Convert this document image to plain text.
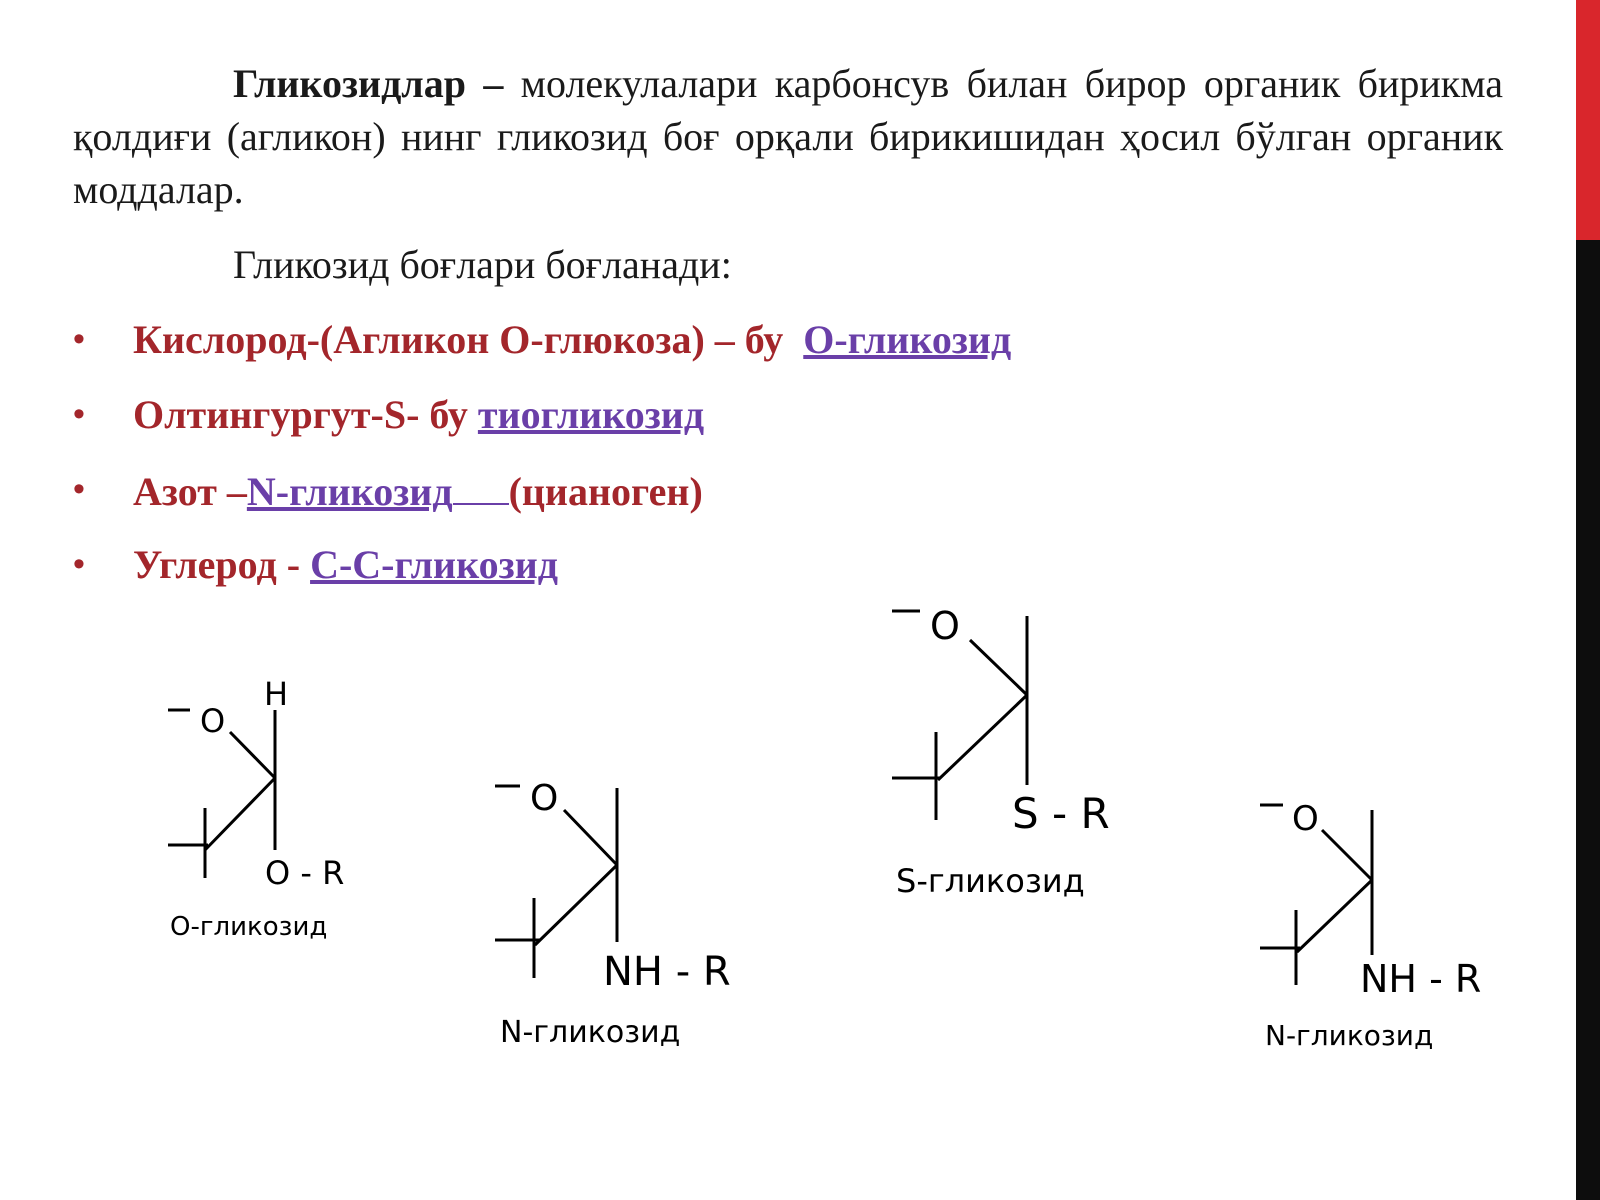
Гликозидлар – молекулалари карбонсув билан бирор органик бирикма қолдиғи (агликон) нинг гликозид боғ орқали бирикишидан ҳосил бўлган органик моддалар.

Гликозид боғлари боғланади:

• Кислород-(Агликон О-глюкоза) – бу  О-гликозид
• Олтингургут-S- бу тиогликозид
• Азот –N-гликозид (цианоген)
• Углерод - С-С-гликозид
O
H
O - R
О-гликозид
O
NH - R
N-гликозид
O
S - R
S-гликозид
O
NH - R
N-гликозид
